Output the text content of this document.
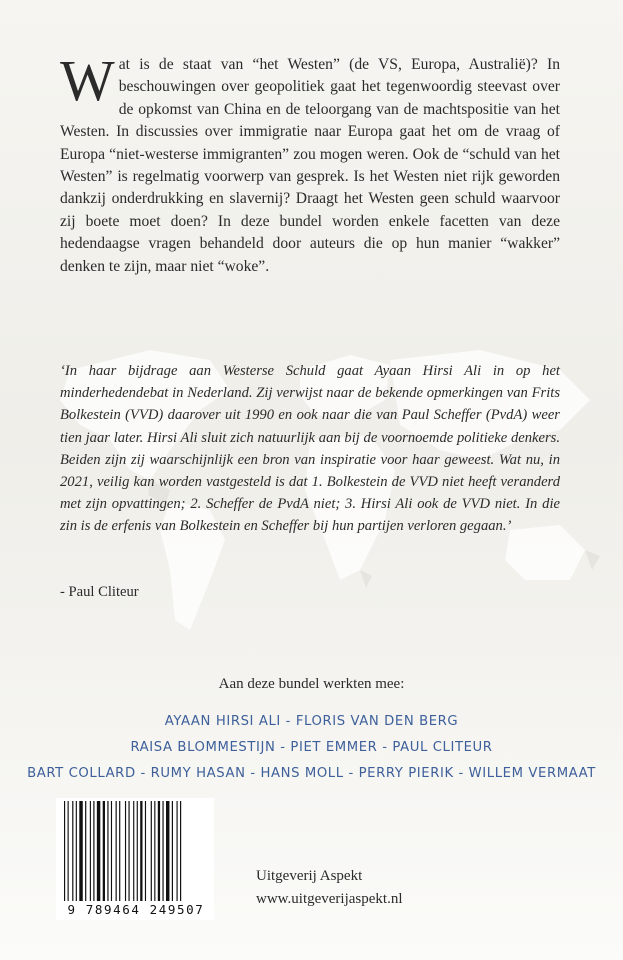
Wat is de staat van “het Westen” (de VS, Europa, Australië)? In beschouwingen over geopolitiek gaat het tegenwoordig steevast over de opkomst van China en de teloorgang van de machtspositie van het Westen. In discussies over immigratie naar Europa gaat het om de vraag of Europa “niet-westerse immigranten” zou mogen weren. Ook de “schuld van het Westen” is regelmatig voorwerp van gesprek. Is het Westen niet rijk geworden dankzij onderdrukking en slavernij? Draagt het Westen geen schuld waarvoor zij boete moet doen? In deze bundel worden enkele facetten van deze hedendaagse vragen behandeld door auteurs die op hun manier “wakker” denken te zijn, maar niet “woke”.

‘In haar bijdrage aan Westerse Schuld gaat Ayaan Hirsi Ali in op het minderhedendebat in Nederland. Zij verwijst naar de bekende opmerkingen van Frits Bolkestein (VVD) daarover uit 1990 en ook naar die van Paul Scheffer (PvdA) weer tien jaar later. Hirsi Ali sluit zich natuurlijk aan bij de voornoemde politieke denkers. Beiden zijn zij waarschijnlijk een bron van inspiratie voor haar geweest. Wat nu, in 2021, veilig kan worden vastgesteld is dat 1. Bolkestein de VVD niet heeft veranderd met zijn opvattingen; 2. Scheffer de PvdA niet; 3. Hirsi Ali ook de VVD niet. In die zin is de erfenis van Bolkestein en Scheffer bij hun partijen verloren gegaan.’

- Paul Cliteur

Aan deze bundel werkten mee:

AYAAN HIRSI ALI - FLORIS VAN DEN BERG

RAISA BLOMMESTIJN - PIET EMMER - PAUL CLITEUR

BART COLLARD - RUMY HASAN - HANS MOLL - PERRY PIERIK - WILLEM VERMAAT

9 789464 249507

Uitgeverij Aspekt

www.uitgeverijaspekt.nl
